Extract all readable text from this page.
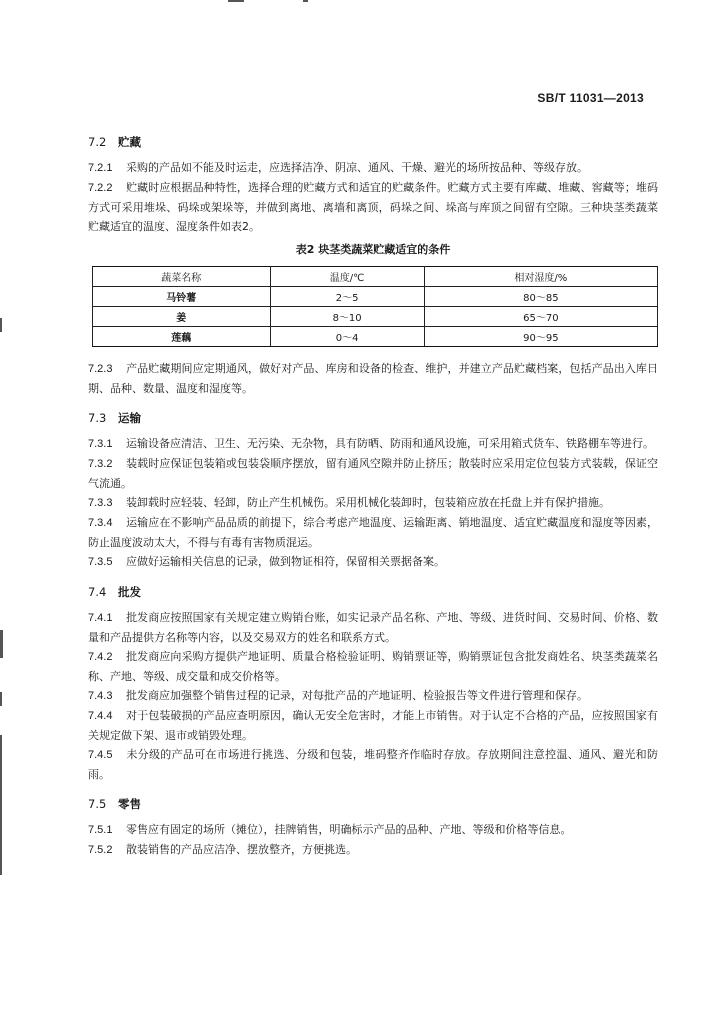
SB/T 11031—2013
7.2 贮藏

7.2.1 采购的产品如不能及时运走，应选择洁净、阴凉、通风、干燥、避光的场所按品种、等级存放。

7.2.2 贮藏时应根据品种特性，选择合理的贮藏方式和适宜的贮藏条件。贮藏方式主要有库藏、堆藏、窖藏等；堆码方式可采用堆垛、码垛或架垛等，并做到离地、离墙和离顶，码垛之间、垛高与库顶之间留有空隙。三种块茎类蔬菜贮藏适宜的温度、湿度条件如表2。

表2 块茎类蔬菜贮藏适宜的条件
蔬菜名称	温度/℃	相对湿度/%
马铃薯	2～5	80～85
姜	8～10	65～70
莲藕	0～4	90～95

7.2.3 产品贮藏期间应定期通风，做好对产品、库房和设备的检查、维护，并建立产品贮藏档案，包括产品出入库日期、品种、数量、温度和湿度等。

7.3 运输

7.3.1 运输设备应清洁、卫生、无污染、无杂物，具有防晒、防雨和通风设施，可采用箱式货车、铁路棚车等进行。

7.3.2 装载时应保证包装箱或包装袋顺序摆放，留有通风空隙并防止挤压；散装时应采用定位包装方式装载，保证空气流通。

7.3.3 装卸载时应轻装、轻卸，防止产生机械伤。采用机械化装卸时，包装箱应放在托盘上并有保护措施。

7.3.4 运输应在不影响产品品质的前提下，综合考虑产地温度、运输距离、销地温度、适宜贮藏温度和湿度等因素，防止温度波动太大，不得与有毒有害物质混运。

7.3.5 应做好运输相关信息的记录，做到物证相符，保留相关票据备案。

7.4 批发

7.4.1 批发商应按照国家有关规定建立购销台账，如实记录产品名称、产地、等级、进货时间、交易时间、价格、数量和产品提供方名称等内容，以及交易双方的姓名和联系方式。

7.4.2 批发商应向采购方提供产地证明、质量合格检验证明、购销票证等，购销票证包含批发商姓名、块茎类蔬菜名称、产地、等级、成交量和成交价格等。

7.4.3 批发商应加强整个销售过程的记录，对每批产品的产地证明、检验报告等文件进行管理和保存。

7.4.4 对于包装破损的产品应查明原因，确认无安全危害时，才能上市销售。对于认定不合格的产品，应按照国家有关规定做下架、退市或销毁处理。

7.4.5 未分级的产品可在市场进行挑选、分级和包装，堆码整齐作临时存放。存放期间注意控温、通风、避光和防雨。

7.5 零售

7.5.1 零售应有固定的场所（摊位），挂牌销售，明确标示产品的品种、产地、等级和价格等信息。

7.5.2 散装销售的产品应洁净、摆放整齐，方便挑选。
